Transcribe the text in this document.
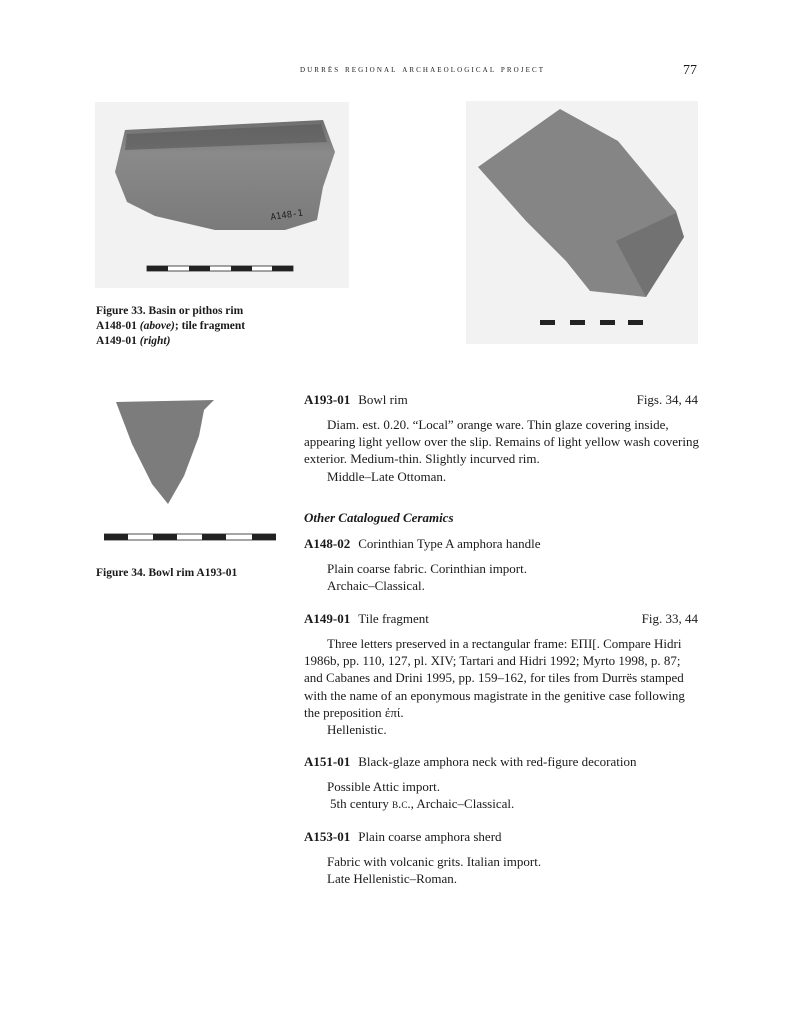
durrës regional archaeological project	77
A148-1
Figure 33. Basin or pithos rim
A148-01 (above); tile fragment
A149-01 (right)
Figure 34. Bowl rim A193-01
A193-01 Bowl rim	Figs. 34, 44

Diam. est. 0.20. “Local” orange ware. Thin glaze covering inside, appearing light yellow over the slip. Remains of light yellow wash covering exterior. Medium-thin. Slightly incurved rim.

Middle–Late Ottoman.

Other Catalogued Ceramics
A148-02 Corinthian Type A amphora handle

Plain coarse fabric. Corinthian import.

Archaic–Classical.

A149-01 Tile fragment	Fig. 33, 44

Three letters preserved in a rectangular frame: ΕΠΙ[. Compare Hidri 1986b, pp. 110, 127, pl. XIV; Tartari and Hidri 1992; Myrto 1998, p. 87; and Cabanes and Drini 1995, pp. 159–162, for tiles from Durrës stamped with the name of an eponymous magistrate in the genitive case following the preposition ἐπί.

Hellenistic.

A151-01 Black-glaze amphora neck with red-figure decoration

Possible Attic import.

5th century b.c., Archaic–Classical.

A153-01 Plain coarse amphora sherd

Fabric with volcanic grits. Italian import.

Late Hellenistic–Roman.
